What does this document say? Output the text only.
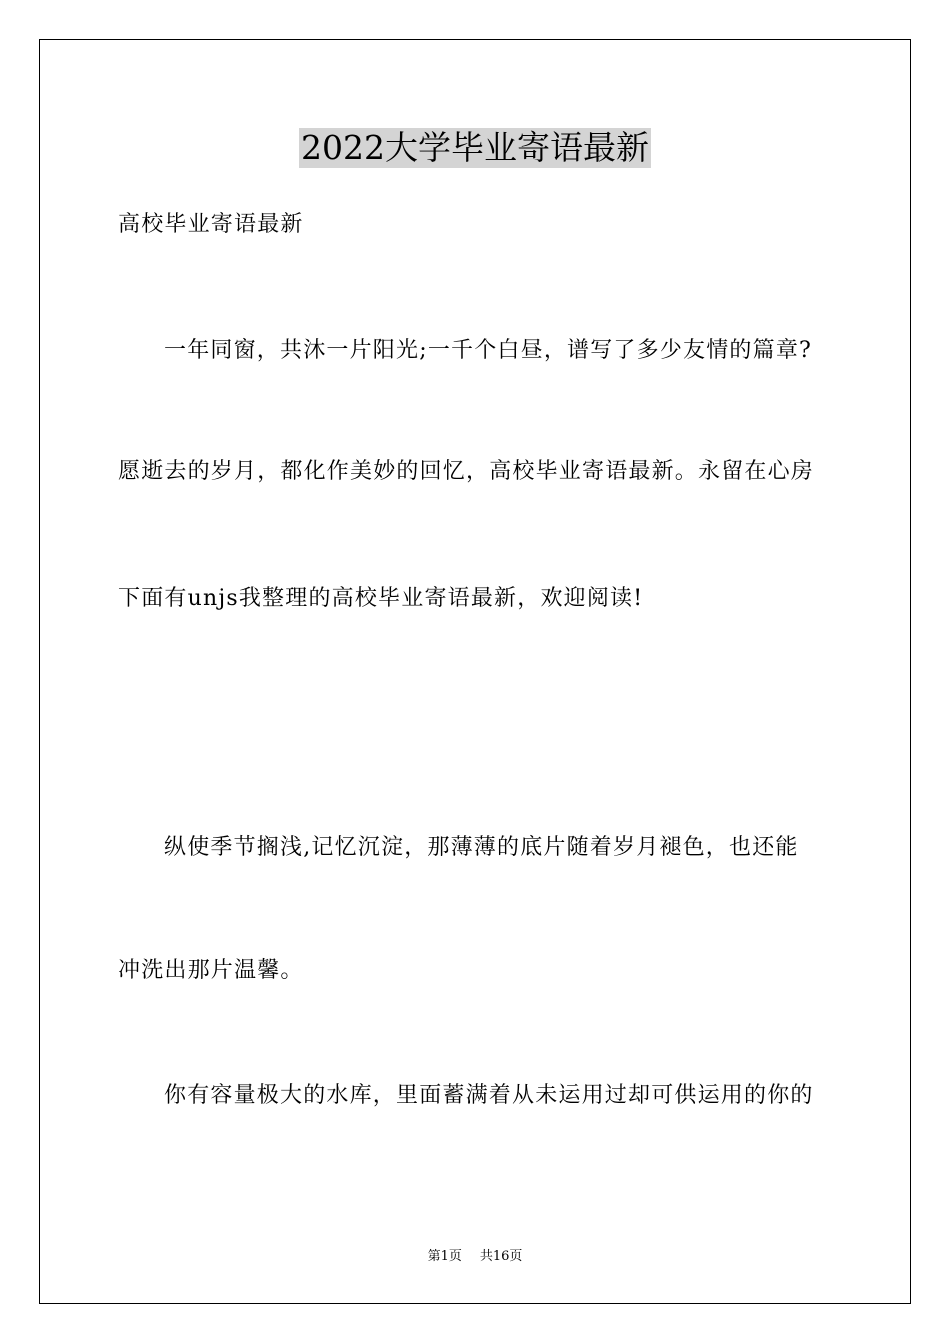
2022大学毕业寄语最新
高校毕业寄语最新
一年同窗，共沐一片阳光;一千个白昼，谱写了多少友情的篇章?
愿逝去的岁月，都化作美妙的回忆，高校毕业寄语最新。永留在心房
下面有unjs我整理的高校毕业寄语最新，欢迎阅读!
纵使季节搁浅,记忆沉淀，那薄薄的底片随着岁月褪色，也还能
冲洗出那片温馨。
你有容量极大的水库，里面蓄满着从未运用过却可供运用的你的
第1页 共16页
